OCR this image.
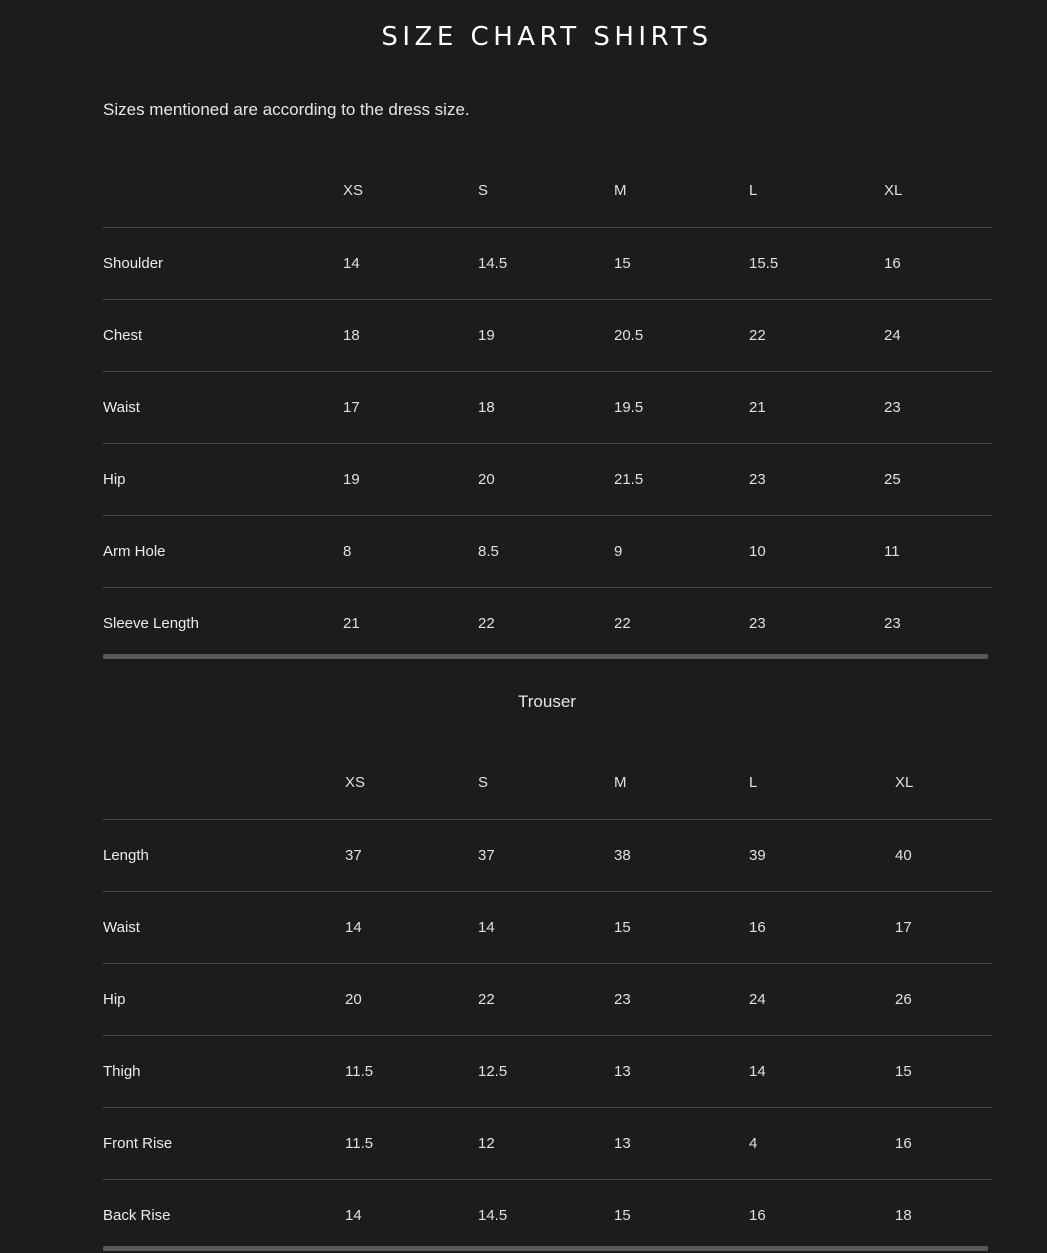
SIZE CHART SHIRTS

Sizes mentioned are according to the dress size.

	XS	S	M	L	XL
Shoulder	14	14.5	15	15.5	16
Chest	18	19	20.5	22	24
Waist	17	18	19.5	21	23
Hip	19	20	21.5	23	25
Arm Hole	8	8.5	9	10	11
Sleeve Length	21	22	22	23	23
Trouser
	XS	S	M	L	XL
Length	37	37	38	39	40
Waist	14	14	15	16	17
Hip	20	22	23	24	26
Thigh	11.5	12.5	13	14	15
Front Rise	11.5	12	13	4	16
Back Rise	14	14.5	15	16	18
